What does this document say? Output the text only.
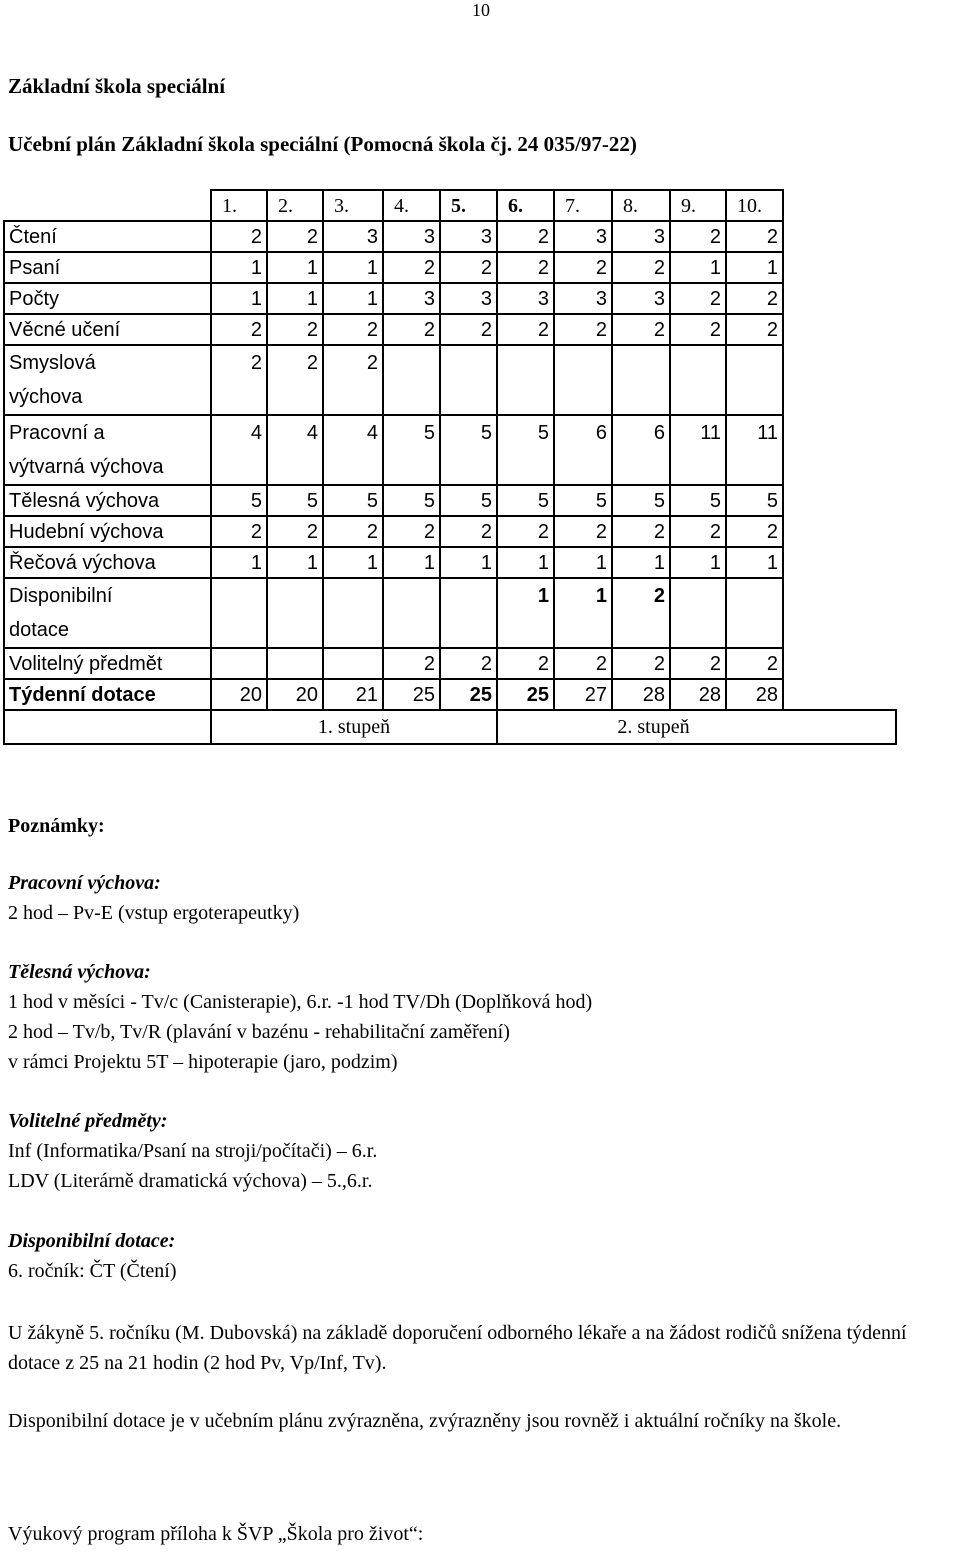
10
Základní škola speciální
Učební plán Základní škola speciální (Pomocná škola čj. 24 035/97-22)
	1.	2.	3.	4.	5.	6.	7.	8.	9.	10.	
Čtení	2	2	3	3	3	2	3	3	2	2	
Psaní	1	1	1	2	2	2	2	2	1	1	
Počty	1	1	1	3	3	3	3	3	2	2	
Věcné učení	2	2	2	2	2	2	2	2	2	2	
Smyslová
výchova	2	2	2								
Pracovní a
výtvarná výchova	4	4	4	5	5	5	6	6	11	11	
Tělesná výchova	5	5	5	5	5	5	5	5	5	5	
Hudební výchova	2	2	2	2	2	2	2	2	2	2	
Řečová výchova	1	1	1	1	1	1	1	1	1	1	
Disponibilní
dotace						1	1	2			
Volitelný předmět				2	2	2	2	2	2	2	
Týdenní dotace	20	20	21	25	25	25	27	28	28	28	
	1. stupeň					2. stupeň					
Poznámky:
Pracovní výchova:
2 hod – Pv-E (vstup ergoterapeutky)
Tělesná výchova:
1 hod v měsíci - Tv/c (Canisterapie), 6.r. -1 hod TV/Dh (Doplňková hod)
2 hod – Tv/b, Tv/R (plavání v bazénu - rehabilitační zaměření)
v rámci Projektu 5T – hipoterapie (jaro, podzim)
Volitelné předměty:
Inf (Informatika/Psaní na stroji/počítači) – 6.r.
LDV (Literárně dramatická výchova) – 5.,6.r.
Disponibilní dotace:
6. ročník: ČT (Čtení)
U žákyně 5. ročníku (M. Dubovská) na základě doporučení odborného lékaře a na žádost rodičů snížena týdenní dotace z 25 na 21 hodin (2 hod Pv, Vp/Inf, Tv).
Disponibilní dotace je v učebním plánu zvýrazněna, zvýrazněny jsou rovněž i aktuální ročníky na škole.
Výukový program příloha k ŠVP „Škola pro život“:
